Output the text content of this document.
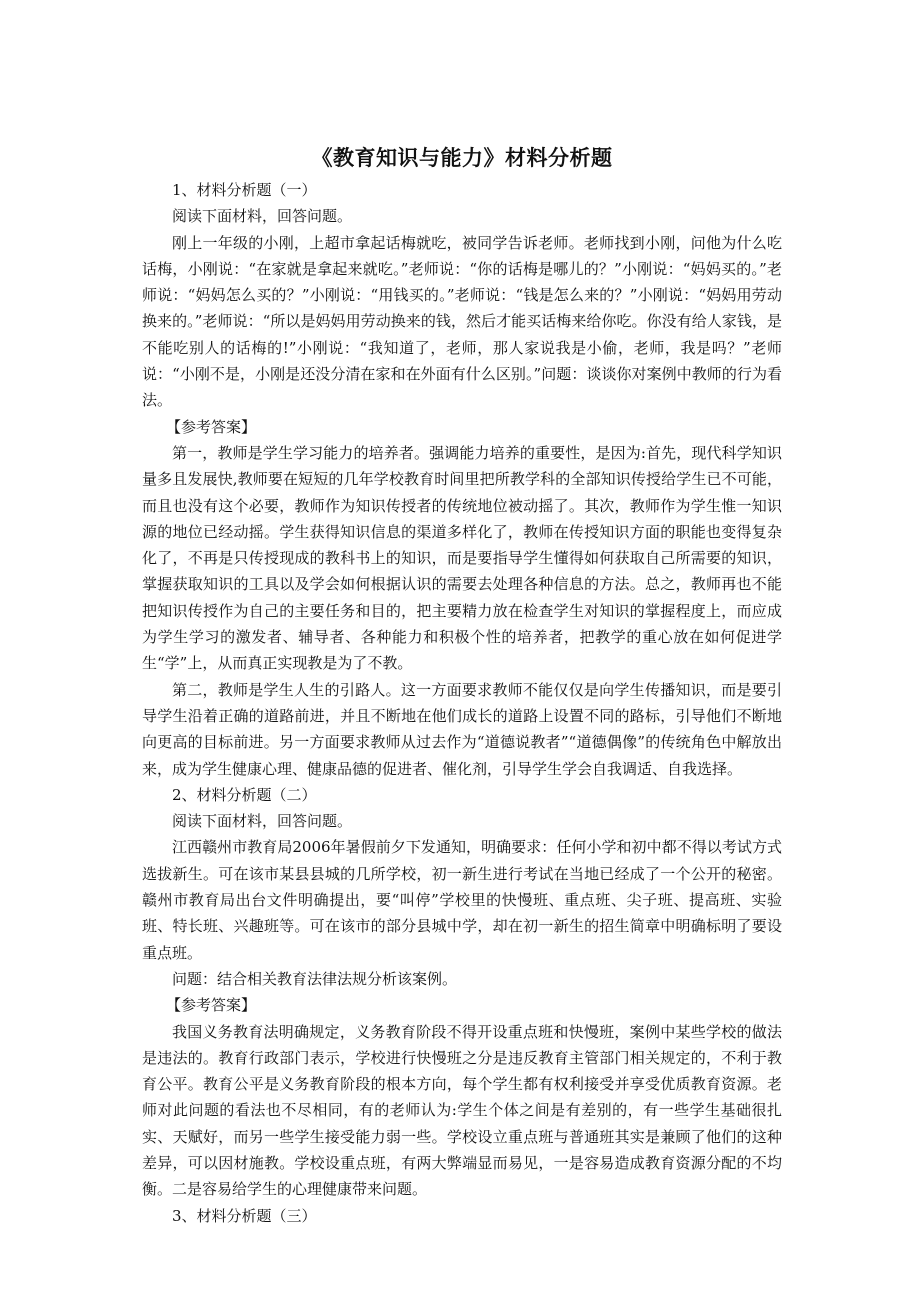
《教育知识与能力》材料分析题

1、材料分析题（一）

阅读下面材料，回答问题。

刚上一年级的小刚，上超市拿起话梅就吃，被同学告诉老师。老师找到小刚，问他为什么吃话梅，小刚说：“在家就是拿起来就吃。”老师说：“你的话梅是哪儿的？”小刚说：“妈妈买的。”老师说：“妈妈怎么买的？”小刚说：“用钱买的。”老师说：“钱是怎么来的？”小刚说：“妈妈用劳动换来的。”老师说：“所以是妈妈用劳动换来的钱，然后才能买话梅来给你吃。你没有给人家钱，是不能吃别人的话梅的!”小刚说：“我知道了，老师，那人家说我是小偷，老师，我是吗？”老师说：“小刚不是，小刚是还没分清在家和在外面有什么区别。”问题：谈谈你对案例中教师的行为看法。

【参考答案】

第一，教师是学生学习能力的培养者。强调能力培养的重要性，是因为:首先，现代科学知识量多且发展快,教师要在短短的几年学校教育时间里把所教学科的全部知识传授给学生已不可能，而且也没有这个必要，教师作为知识传授者的传统地位被动摇了。其次，教师作为学生惟一知识源的地位已经动摇。学生获得知识信息的渠道多样化了，教师在传授知识方面的职能也变得复杂化了，不再是只传授现成的教科书上的知识，而是要指导学生懂得如何获取自己所需要的知识，掌握获取知识的工具以及学会如何根据认识的需要去处理各种信息的方法。总之，教师再也不能把知识传授作为自己的主要任务和目的，把主要精力放在检查学生对知识的掌握程度上，而应成为学生学习的激发者、辅导者、各种能力和积极个性的培养者，把教学的重心放在如何促进学生“学”上，从而真正实现教是为了不教。

第二，教师是学生人生的引路人。这一方面要求教师不能仅仅是向学生传播知识，而是要引导学生沿着正确的道路前进，并且不断地在他们成长的道路上设置不同的路标，引导他们不断地向更高的目标前进。另一方面要求教师从过去作为“道德说教者”“道德偶像”的传统角色中解放出来，成为学生健康心理、健康品德的促进者、催化剂，引导学生学会自我调适、自我选择。

2、材料分析题（二）

阅读下面材料，回答问题。

江西赣州市教育局2006年暑假前夕下发通知，明确要求：任何小学和初中都不得以考试方式选拔新生。可在该市某县县城的几所学校，初一新生进行考试在当地已经成了一个公开的秘密。赣州市教育局出台文件明确提出，要“叫停”学校里的快慢班、重点班、尖子班、提高班、实验班、特长班、兴趣班等。可在该市的部分县城中学，却在初一新生的招生简章中明确标明了要设重点班。

问题：结合相关教育法律法规分析该案例。

【参考答案】

我国义务教育法明确规定，义务教育阶段不得开设重点班和快慢班，案例中某些学校的做法是违法的。教育行政部门表示，学校进行快慢班之分是违反教育主管部门相关规定的，不利于教育公平。教育公平是义务教育阶段的根本方向，每个学生都有权利接受并享受优质教育资源。老师对此问题的看法也不尽相同，有的老师认为:学生个体之间是有差别的，有一些学生基础很扎实、天赋好，而另一些学生接受能力弱一些。学校设立重点班与普通班其实是兼顾了他们的这种差异，可以因材施教。学校设重点班，有两大弊端显而易见，一是容易造成教育资源分配的不均衡。二是容易给学生的心理健康带来问题。

3、材料分析题（三）
